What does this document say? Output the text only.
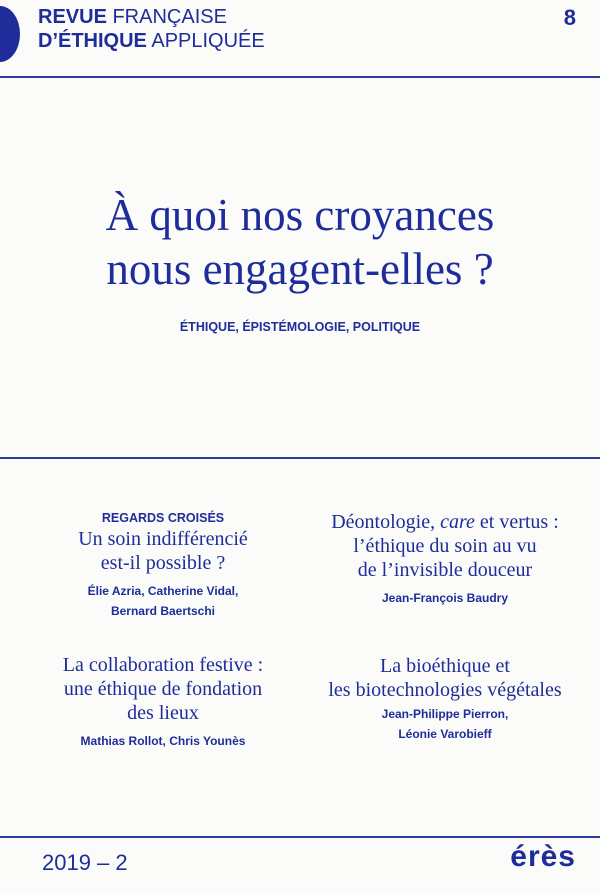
REVUE FRANÇAISE
D’ÉTHIQUE APPLIQUÉE
8
À quoi nos croyances
nous engagent-elles ?
ÉTHIQUE, ÉPISTÉMOLOGIE, POLITIQUE
REGARDS CROISÉS
Un soin indifférencié
est-il possible ?
Élie Azria, Catherine Vidal,
Bernard Baertschi
Déontologie, care et vertus :
l’éthique du soin au vu
de l’invisible douceur
Jean-François Baudry
La collaboration festive :
une éthique de fondation
des lieux
Mathias Rollot, Chris Younès
La bioéthique et
les biotechnologies végétales
Jean-Philippe Pierron,
Léonie Varobieff
2019 – 2	érès
